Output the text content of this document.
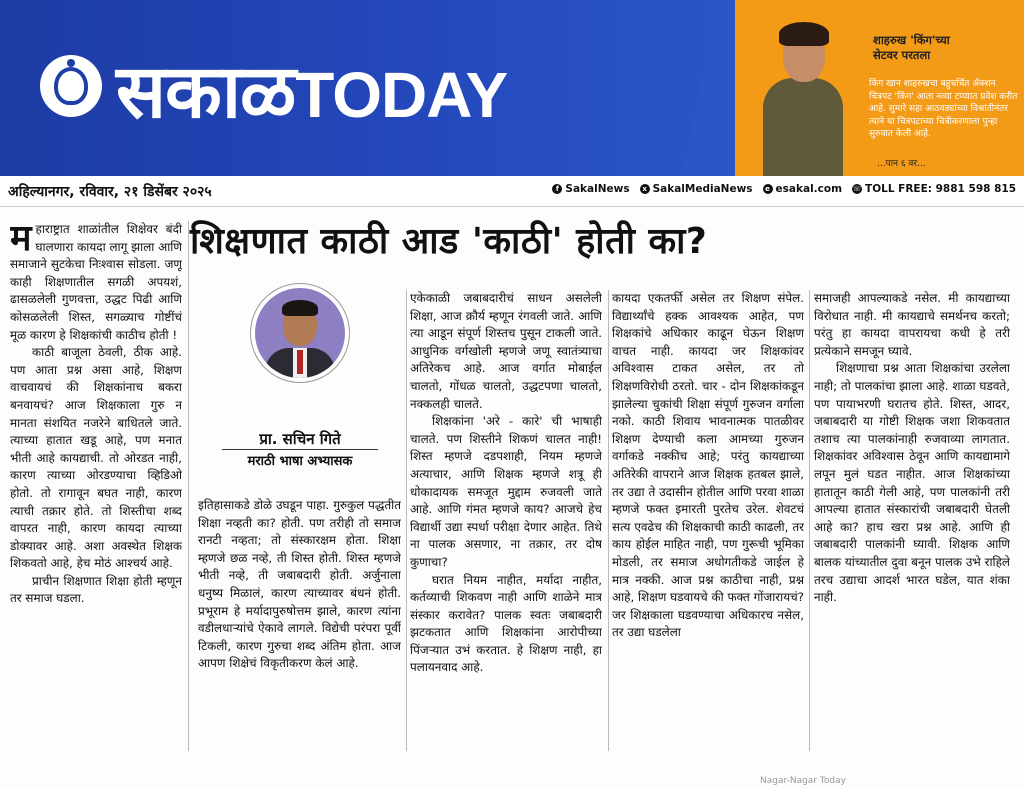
सकाळTODAY
शाहरुख 'किंग'च्या
सेटवर परतला
किंग खान शाहरुखचा बहुचर्चित ॲक्शन चित्रपट 'किंग' आता नव्या टप्प्यात प्रवेश करीत आहे. सुमारे सहा आठवड्यांच्या विश्रांतीनंतर त्याने या चित्रपटाच्या चित्रीकरणाला पुन्हा सुरुवात केली आहे.
...पान ६ वर...
अहिल्यानगर, रविवार, २१ डिसेंबर २०२५	f SakalNews	x SakalMediaNews	e esakal.com ☏ TOLL FREE: 9881 598 815
शिक्षणात काठी आड 'काठी' होती का?
प्रा. सचिन गिते
मराठी भाषा अभ्यासक

महाराष्ट्रात शाळांतील शिक्षेवर बंदी घालणारा कायदा लागू झाला आणि समाजाने सुटकेचा निःश्वास सोडला. जणू काही शिक्षणातील सगळी अपयशं, ढासळलेली गुणवत्ता, उद्धट पिढी आणि कोसळलेली शिस्त, सगळ्याच गोष्टींचं मूळ कारण हे शिक्षकांची काठीच होती !

काठी बाजूला ठेवली, ठीक आहे. पण आता प्रश्न असा आहे, शिक्षण वाचवायचं की शिक्षकांनाच बकरा बनवायचं? आज शिक्षकाला गुरु न मानता संशयित नजरेने बाधितले जाते. त्याच्या हातात खडू आहे, पण मनात भीती आहे कायद्याची. तो ओरडत नाही, कारण त्याच्या ओरडण्याचा व्हिडिओ होतो. तो रागावून बघत नाही, कारण त्याची तक्रार होते. तो शिस्तीचा शब्द वापरत नाही, कारण कायदा त्याच्या डोक्यावर आहे. अशा अवस्थेत शिक्षक शिकवतो आहे, हेच मोठं आश्चर्य आहे.

प्राचीन शिक्षणात शिक्षा होती म्हणून तर समाज घडला.

इतिहासाकडे डोळे उघडून पाहा. गुरुकुल पद्धतीत शिक्षा नव्हती का? होती. पण तरीही तो समाज रानटी नव्हता; तो संस्कारक्षम होता. शिक्षा म्हणजे छळ नव्हे, ती शिस्त होती. शिस्त म्हणजे भीती नव्हे, ती जबाबदारी होती. अर्जुनाला धनुष्य मिळालं, कारण त्याच्यावर बंधनं होती. प्रभूराम हे मर्यादापुरुषोत्तम झाले, कारण त्यांना वडीलधाऱ्यांचे ऐकावे लागले. विद्येची परंपरा पूर्वी टिकली, कारण गुरुचा शब्द अंतिम होता. आज आपण शिक्षेचं विकृतीकरण केलं आहे.

एकेकाळी जबाबदारीचं साधन असलेली शिक्षा, आज क्रौर्य म्हणून रंगवली जाते. आणि त्या आडून संपूर्ण शिस्तच पुसून टाकली जाते. आधुनिक वर्गखोली म्हणजे जणू स्वातंत्र्याचा अतिरेकच आहे. आज वर्गात मोबाईल चालतो, गोंधळ चालतो, उद्धटपणा चालतो, नक्कलही चालते.

शिक्षकांना 'अरे - कारे' ची भाषाही चालते. पण शिस्तीने शिकणं चालत नाही! शिस्त म्हणजे दडपशाही, नियम म्हणजे अत्याचार, आणि शिक्षक म्हणजे शत्रू ही धोकादायक समजूत मुद्दाम रुजवली जाते आहे. आणि गंमत म्हणजे काय? आजचे हेच विद्यार्थी उद्या स्पर्धा परीक्षा देणार आहेत. तिथे ना पालक असणार, ना तक्रार, तर दोष कुणाचा?

घरात नियम नाहीत, मर्यादा नाहीत, कर्तव्याची शिकवण नाही आणि शाळेने मात्र संस्कार करावेत? पालक स्वतः जबाबदारी झटकतात आणि शिक्षकांना आरोपीच्या पिंजऱ्यात उभं करतात. हे शिक्षण नाही, हा पलायनवाद आहे.

कायदा एकतर्फी असेल तर शिक्षण संपेल. विद्यार्थ्यांचे हक्क आवश्यक आहेत, पण शिक्षकांचे अधिकार काढून घेऊन शिक्षण वाचत नाही. कायदा जर शिक्षकांवर अविश्वास टाकत असेल, तर तो शिक्षणविरोधी ठरतो. चार - दोन शिक्षकांकडून झालेल्या चुकांची शिक्षा संपूर्ण गुरुजन वर्गाला नको. काठी शिवाय भावनात्मक पातळीवर शिक्षण देण्याची कला आमच्या गुरुजन वर्गाकडे नक्कीच आहे; परंतु कायद्याच्या अतिरेकी वापराने आज शिक्षक हतबल झाले, तर उद्या ते उदासीन होतील आणि परवा शाळा म्हणजे फक्त इमारती पुरतेच उरेल. शेवटचं सत्य एवढेच की शिक्षकाची काठी काढली, तर काय होईल माहित नाही, पण गुरूची भूमिका मोडली, तर समाज अधोगतीकडे जाईल हे मात्र नक्की. आज प्रश्न काठीचा नाही, प्रश्न आहे, शिक्षण घडवायचे की फक्त गोंजारायचं? जर शिक्षकाला घडवण्याचा अधिकारच नसेल, तर उद्या घडलेला

समाजही आपल्याकडे नसेल. मी कायद्याच्या विरोधात नाही. मी कायद्याचे समर्थनच करतो; परंतु हा कायदा वापरायचा कधी हे तरी प्रत्येकाने समजून घ्यावे.

शिक्षणाचा प्रश्न आता शिक्षकांचा उरलेला नाही; तो पालकांचा झाला आहे. शाळा घडवते, पण पायाभरणी घरातच होते. शिस्त, आदर, जबाबदारी या गोष्टी शिक्षक जशा शिकवतात तशाच त्या पालकांनाही रुजवाव्या लागतात. शिक्षकांवर अविश्वास ठेवून आणि कायद्यामागे लपून मुलं घडत नाहीत. आज शिक्षकांच्या हातातून काठी गेली आहे, पण पालकांनी तरी आपल्या हातात संस्कारांची जबाबदारी घेतली आहे का? हाच खरा प्रश्न आहे. आणि ही जबाबदारी पालकांनी घ्यावी. शिक्षक आणि बालक यांच्यातील दुवा बनून पालक उभे राहिले तरच उद्याचा आदर्श भारत घडेल, यात शंका नाही.

Nagar-Nagar Today
